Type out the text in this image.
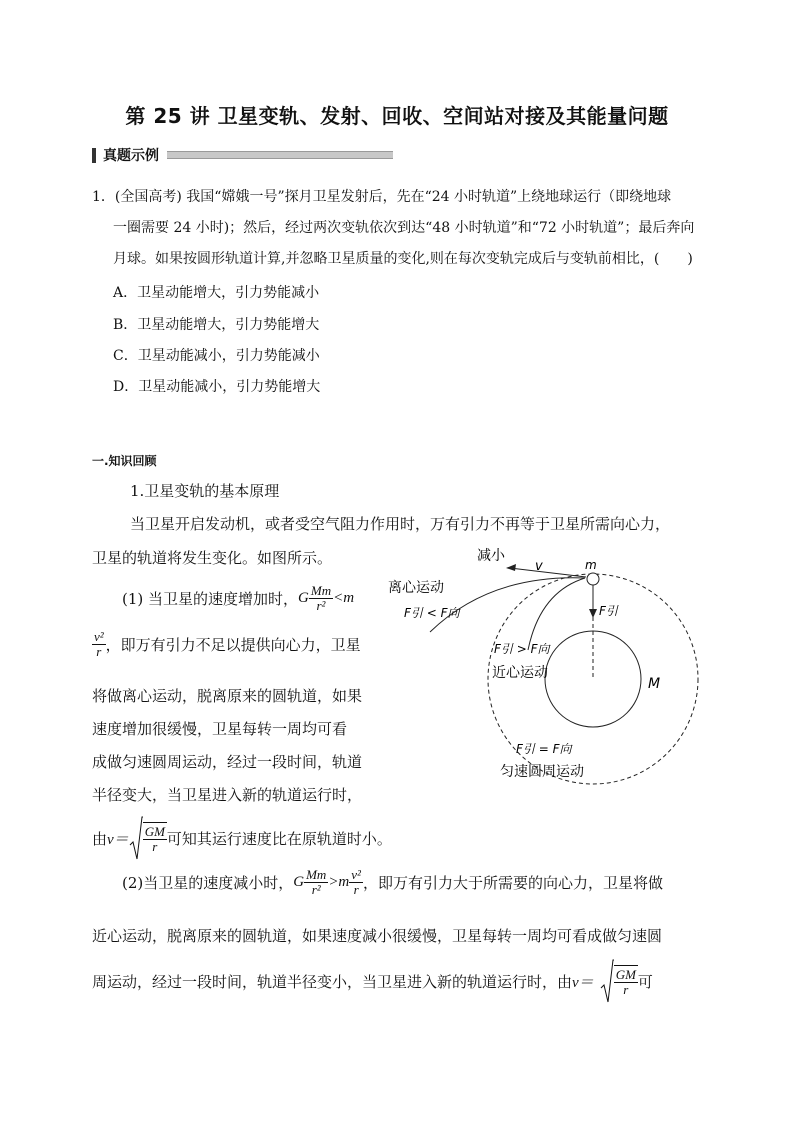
第 25 讲 卫星变轨、发射、回收、空间站对接及其能量问题
真题示例
1．(全国高考) 我国“嫦娥一号”探月卫星发射后，先在“24 小时轨道”上绕地球运行（即绕地球
一圈需要 24 小时)；然后，经过两次变轨依次到达“48 小时轨道”和“72 小时轨道”；最后奔向
月球。如果按圆形轨道计算,并忽略卫星质量的变化,则在每次变轨完成后与变轨前相比，(　　)
A．卫星动能增大，引力势能减小
B．卫星动能增大，引力势能增大
C．卫星动能减小，引力势能减小
D．卫星动能减小，引力势能增大
一.知识回顾
1.卫星变轨的基本原理
当卫星开启发动机，或者受空气阻力作用时，万有引力不再等于卫星所需向心力，
卫星的轨道将发生变化。如图所示。
(1) 当卫星的速度增加时， G $\frac{Mm}{\text{r²}} <m$
$\frac{\text{v²}}{r}$ ，即万有引力不足以提供向心力，卫星
将做离心运动，脱离原来的圆轨道，如果
速度增加很缓慢，卫星每转一周均可看
成做匀速圆周运动，经过一段时间，轨道
半径变大，当卫星进入新的轨道运行时，
由 $v= \frac{GM}{r}$ 可知其运行速度比在原轨道时小。
(2)当卫星的速度减小时， G $\frac{Mm}{\text{r²}} >m \frac{\text{v²}}{r}$ ，即万有引力大于所需要的向心力，卫星将做
近心运动，脱离原来的圆轨道，如果速度减小很缓慢，卫星每转一周均可看成做匀速圆
周运动，经过一段时间，轨道半径变小，当卫星进入新的轨道运行时，由 $v= \frac{GM}{r}$ 可
减小
v	m
离心运动
F引 < F向	F引
F引 > F向
近心运动
M
F引 = F向
匀速圆周运动
